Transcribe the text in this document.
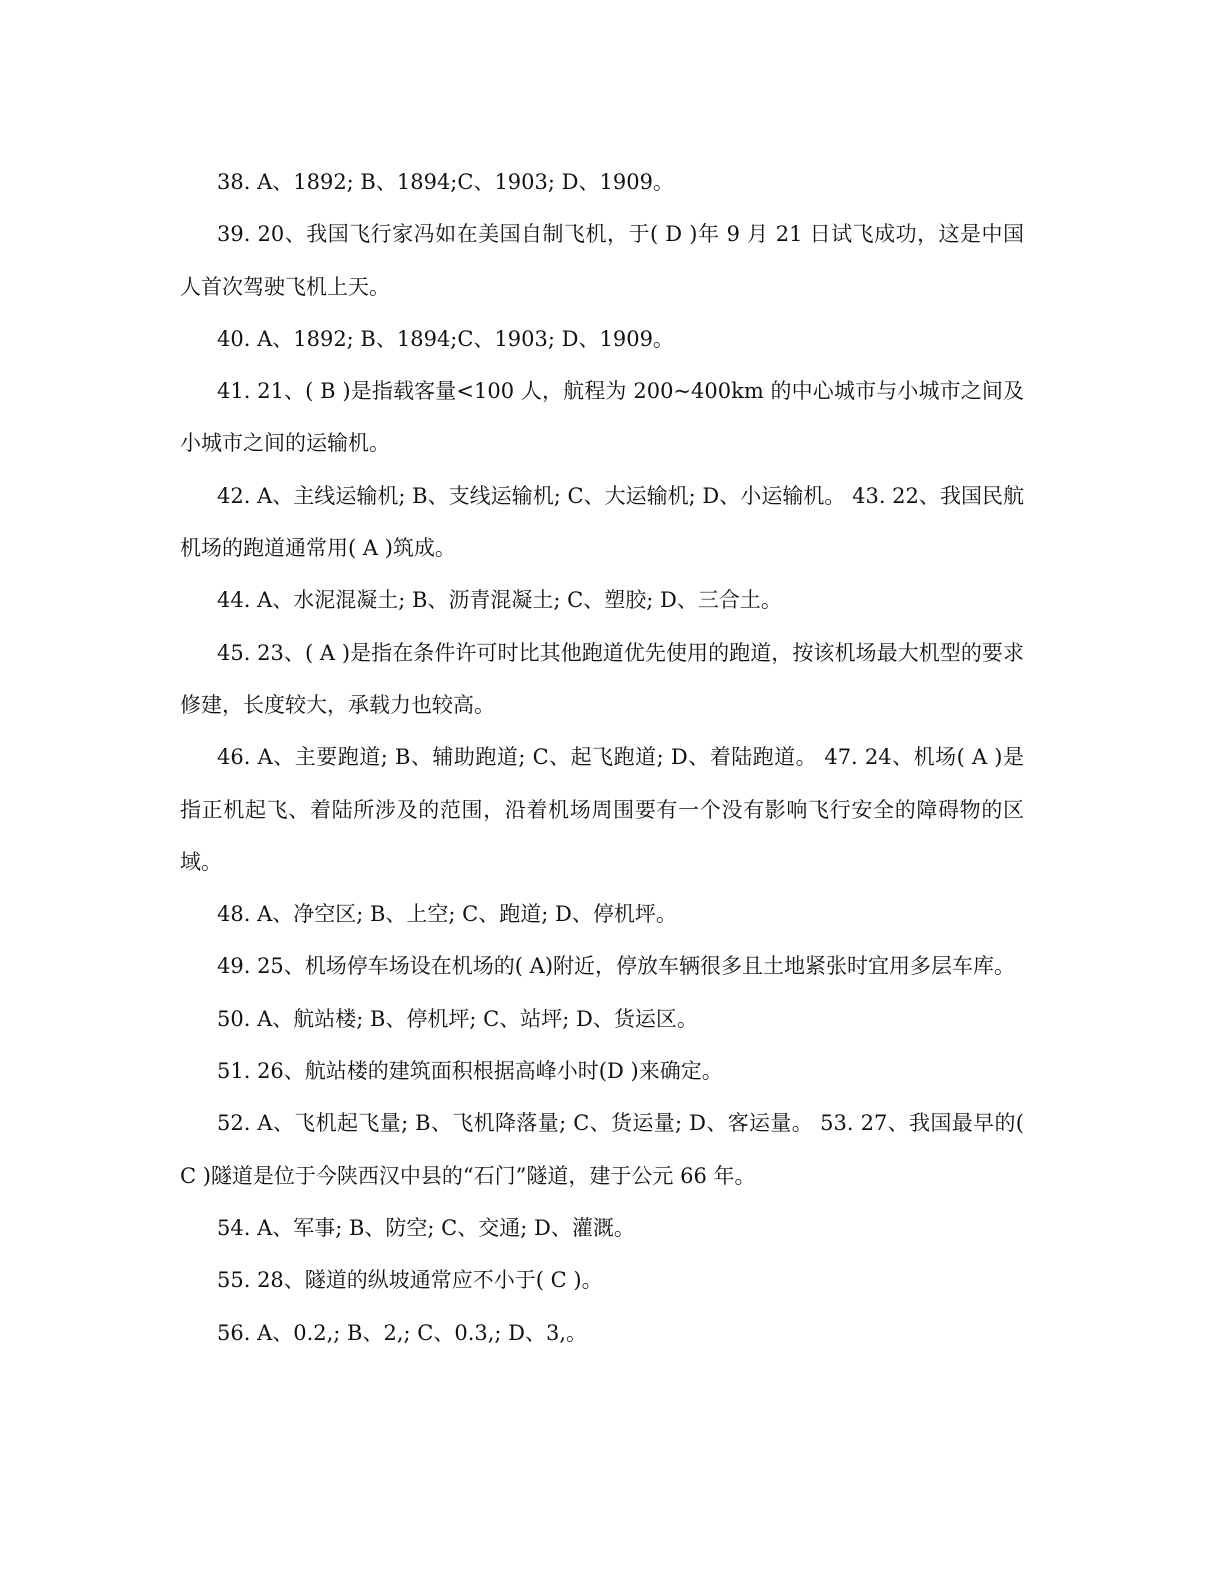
38. A、1892; B、1894;C、1903; D、1909。

39. 20、我国飞行家冯如在美国自制飞机，于( D )年 9 月 21 日试飞成功，这是中国人首次驾驶飞机上天。

40. A、1892; B、1894;C、1903; D、1909。

41. 21、( B )是指载客量<100 人，航程为 200~400km 的中心城市与小城市之间及小城市之间的运输机。

42. A、主线运输机; B、支线运输机; C、大运输机; D、小运输机。 43. 22、我国民航机场的跑道通常用( A )筑成。

44. A、水泥混凝土; B、沥青混凝土; C、塑胶; D、三合土。

45. 23、( A )是指在条件许可时比其他跑道优先使用的跑道，按该机场最大机型的要求修建，长度较大，承载力也较高。

46. A、主要跑道; B、辅助跑道; C、起飞跑道; D、着陆跑道。 47. 24、机场( A )是指正机起飞、着陆所涉及的范围，沿着机场周围要有一个没有影响飞行安全的障碍物的区域。

48. A、净空区; B、上空; C、跑道; D、停机坪。

49. 25、机场停车场设在机场的( A)附近，停放车辆很多且土地紧张时宜用多层车库。

50. A、航站楼; B、停机坪; C、站坪; D、货运区。

51. 26、航站楼的建筑面积根据高峰小时(D )来确定。

52. A、飞机起飞量; B、飞机降落量; C、货运量; D、客运量。 53. 27、我国最早的( C )隧道是位于今陕西汉中县的“石门”隧道，建于公元 66 年。

54. A、军事; B、防空; C、交通; D、灌溉。

55. 28、隧道的纵坡通常应不小于( C )。

56. A、0.2,; B、2,; C、0.3,; D、3,。
